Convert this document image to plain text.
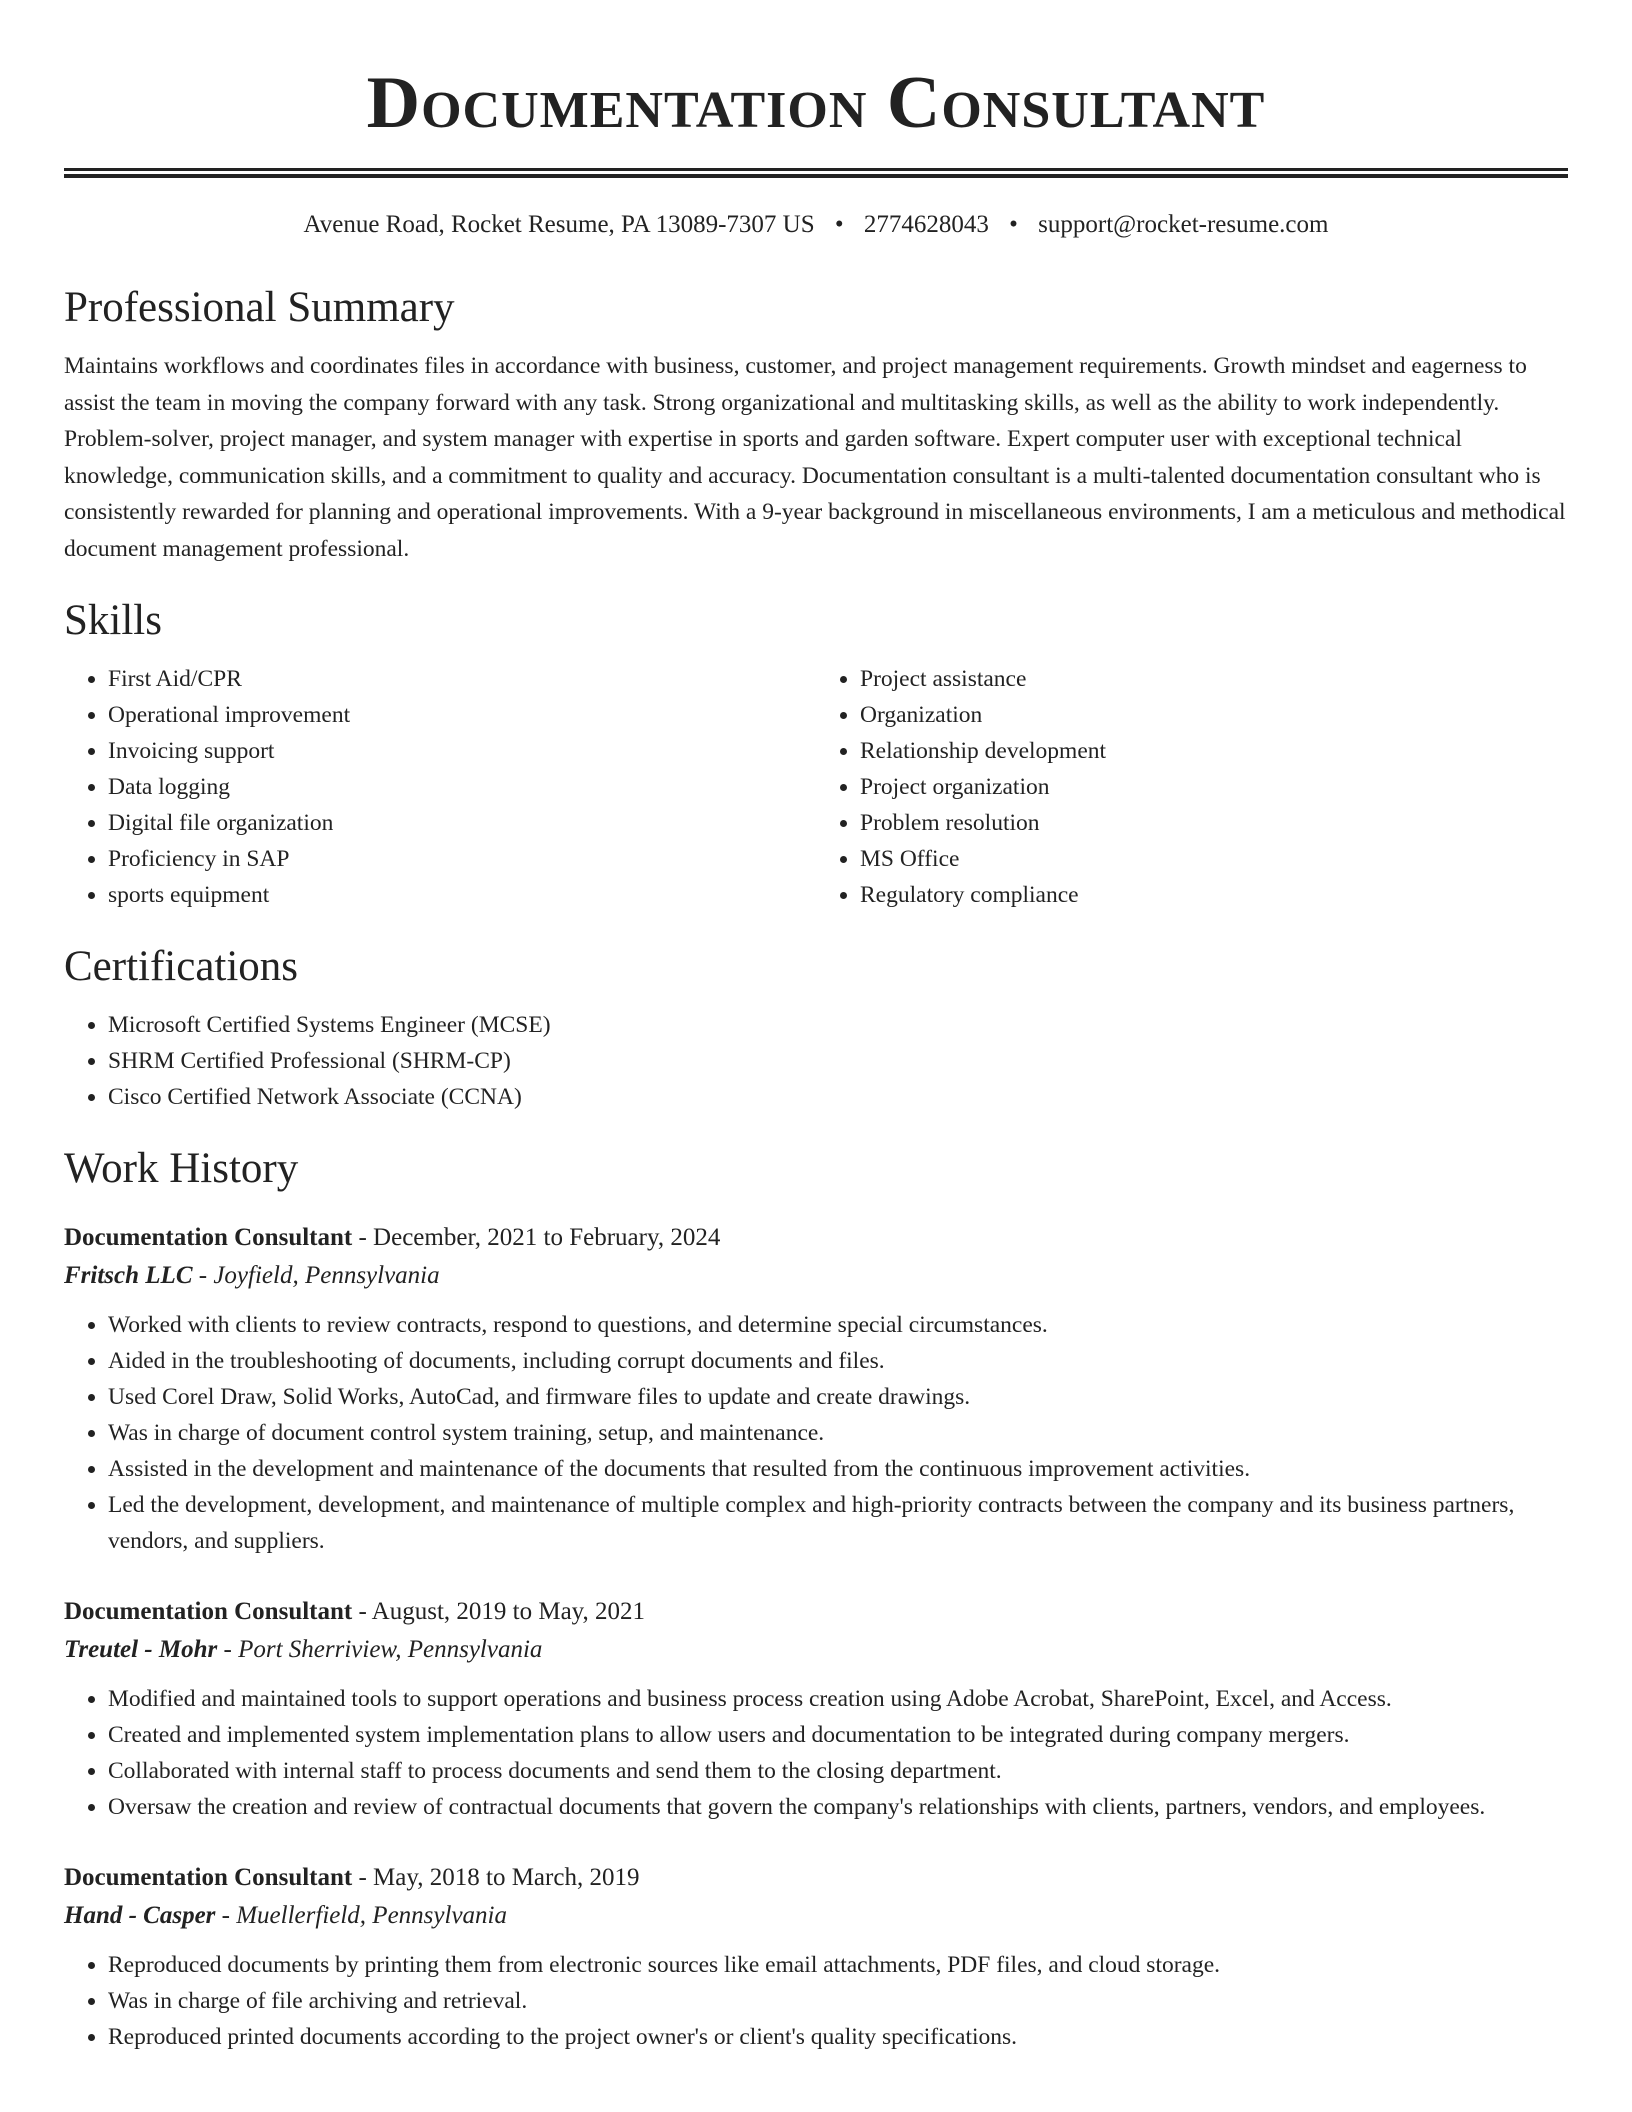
Documentation Consultant
Avenue Road, Rocket Resume, PA 13089-7307 US • 2774628043 • support@rocket-resume.com
Professional Summary

Maintains workflows and coordinates files in accordance with business, customer, and project management requirements. Growth mindset and eagerness to assist the team in moving the company forward with any task. Strong organizational and multitasking skills, as well as the ability to work independently. Problem-solver, project manager, and system manager with expertise in sports and garden software. Expert computer user with exceptional technical knowledge, communication skills, and a commitment to quality and accuracy. Documentation consultant is a multi-talented documentation consultant who is consistently rewarded for planning and operational improvements. With a 9-year background in miscellaneous environments, I am a meticulous and methodical document management professional.

Skills
• First Aid/CPR
• Operational improvement
• Invoicing support
• Data logging
• Digital file organization
• Proficiency in SAP
• sports equipment
• Project assistance
• Organization
• Relationship development
• Project organization
• Problem resolution
• MS Office
• Regulatory compliance
Certifications
• Microsoft Certified Systems Engineer (MCSE)
• SHRM Certified Professional (SHRM-CP)
• Cisco Certified Network Associate (CCNA)
Work History
Documentation Consultant - December, 2021 to February, 2024
Fritsch LLC - Joyfield, Pennsylvania
• Worked with clients to review contracts, respond to questions, and determine special circumstances.
• Aided in the troubleshooting of documents, including corrupt documents and files.
• Used Corel Draw, Solid Works, AutoCad, and firmware files to update and create drawings.
• Was in charge of document control system training, setup, and maintenance.
• Assisted in the development and maintenance of the documents that resulted from the continuous improvement activities.
• Led the development, development, and maintenance of multiple complex and high-priority contracts between the company and its business partners, vendors, and suppliers.
Documentation Consultant - August, 2019 to May, 2021
Treutel - Mohr - Port Sherriview, Pennsylvania
• Modified and maintained tools to support operations and business process creation using Adobe Acrobat, SharePoint, Excel, and Access.
• Created and implemented system implementation plans to allow users and documentation to be integrated during company mergers.
• Collaborated with internal staff to process documents and send them to the closing department.
• Oversaw the creation and review of contractual documents that govern the company's relationships with clients, partners, vendors, and employees.
Documentation Consultant - May, 2018 to March, 2019
Hand - Casper - Muellerfield, Pennsylvania
• Reproduced documents by printing them from electronic sources like email attachments, PDF files, and cloud storage.
• Was in charge of file archiving and retrieval.
• Reproduced printed documents according to the project owner's or client's quality specifications.
